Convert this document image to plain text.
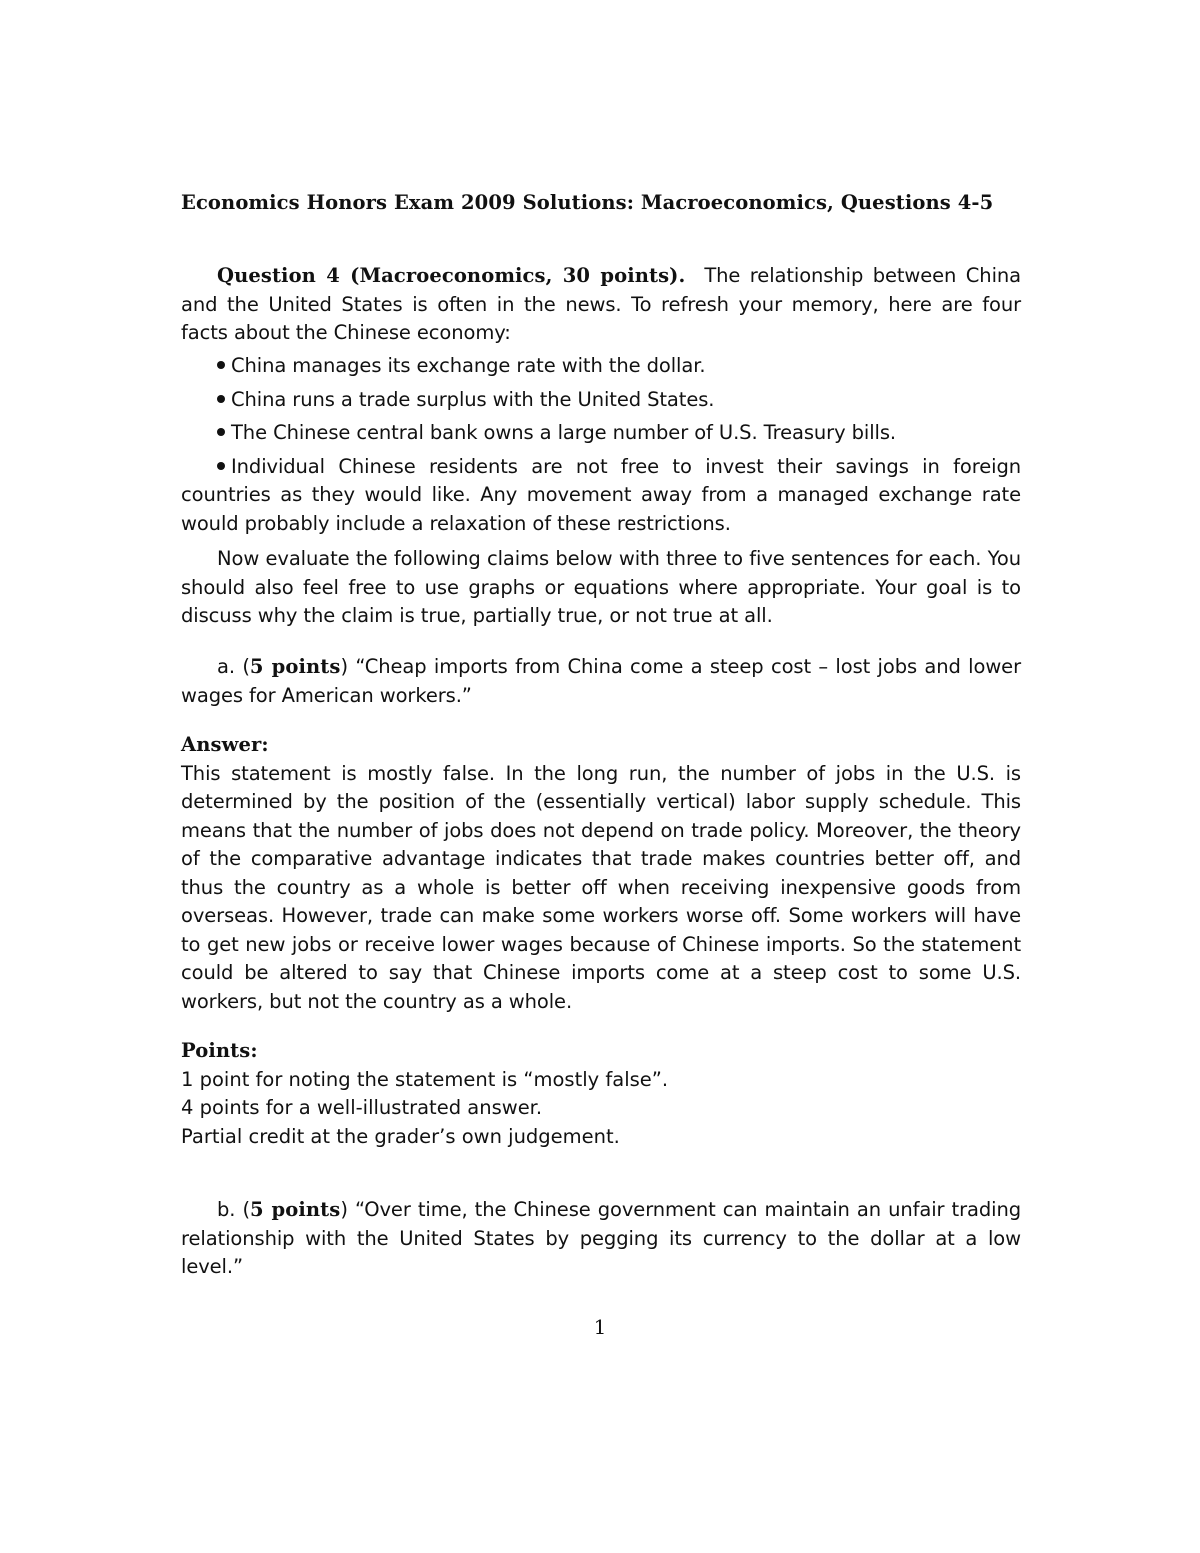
Economics Honors Exam 2009 Solutions: Macroeconomics, Questions 4-5

Question 4 (Macroeconomics, 30 points). The relationship between China and the United States is often in the news. To refresh your memory, here are four facts about the Chinese economy:

China manages its exchange rate with the dollar.

China runs a trade surplus with the United States.

The Chinese central bank owns a large number of U.S. Treasury bills.

Individual Chinese residents are not free to invest their savings in foreign countries as they would like. Any movement away from a managed exchange rate would probably include a relaxation of these restrictions.

Now evaluate the following claims below with three to five sentences for each. You should also feel free to use graphs or equations where appropriate. Your goal is to discuss why the claim is true, partially true, or not true at all.

a. (5 points) “Cheap imports from China come a steep cost – lost jobs and lower wages for American workers.”

Answer:

This statement is mostly false. In the long run, the number of jobs in the U.S. is determined by the position of the (essentially vertical) labor supply schedule. This means that the number of jobs does not depend on trade policy. Moreover, the theory of the comparative advantage indicates that trade makes countries better off, and thus the country as a whole is better off when receiving inexpensive goods from overseas. However, trade can make some workers worse off. Some workers will have to get new jobs or receive lower wages because of Chinese imports. So the statement could be altered to say that Chinese imports come at a steep cost to some U.S. workers, but not the country as a whole.

Points:

1 point for noting the statement is “mostly false”.

4 points for a well-illustrated answer.

Partial credit at the grader’s own judgement.

b. (5 points) “Over time, the Chinese government can maintain an unfair trading relationship with the United States by pegging its currency to the dollar at a low level.”

1
